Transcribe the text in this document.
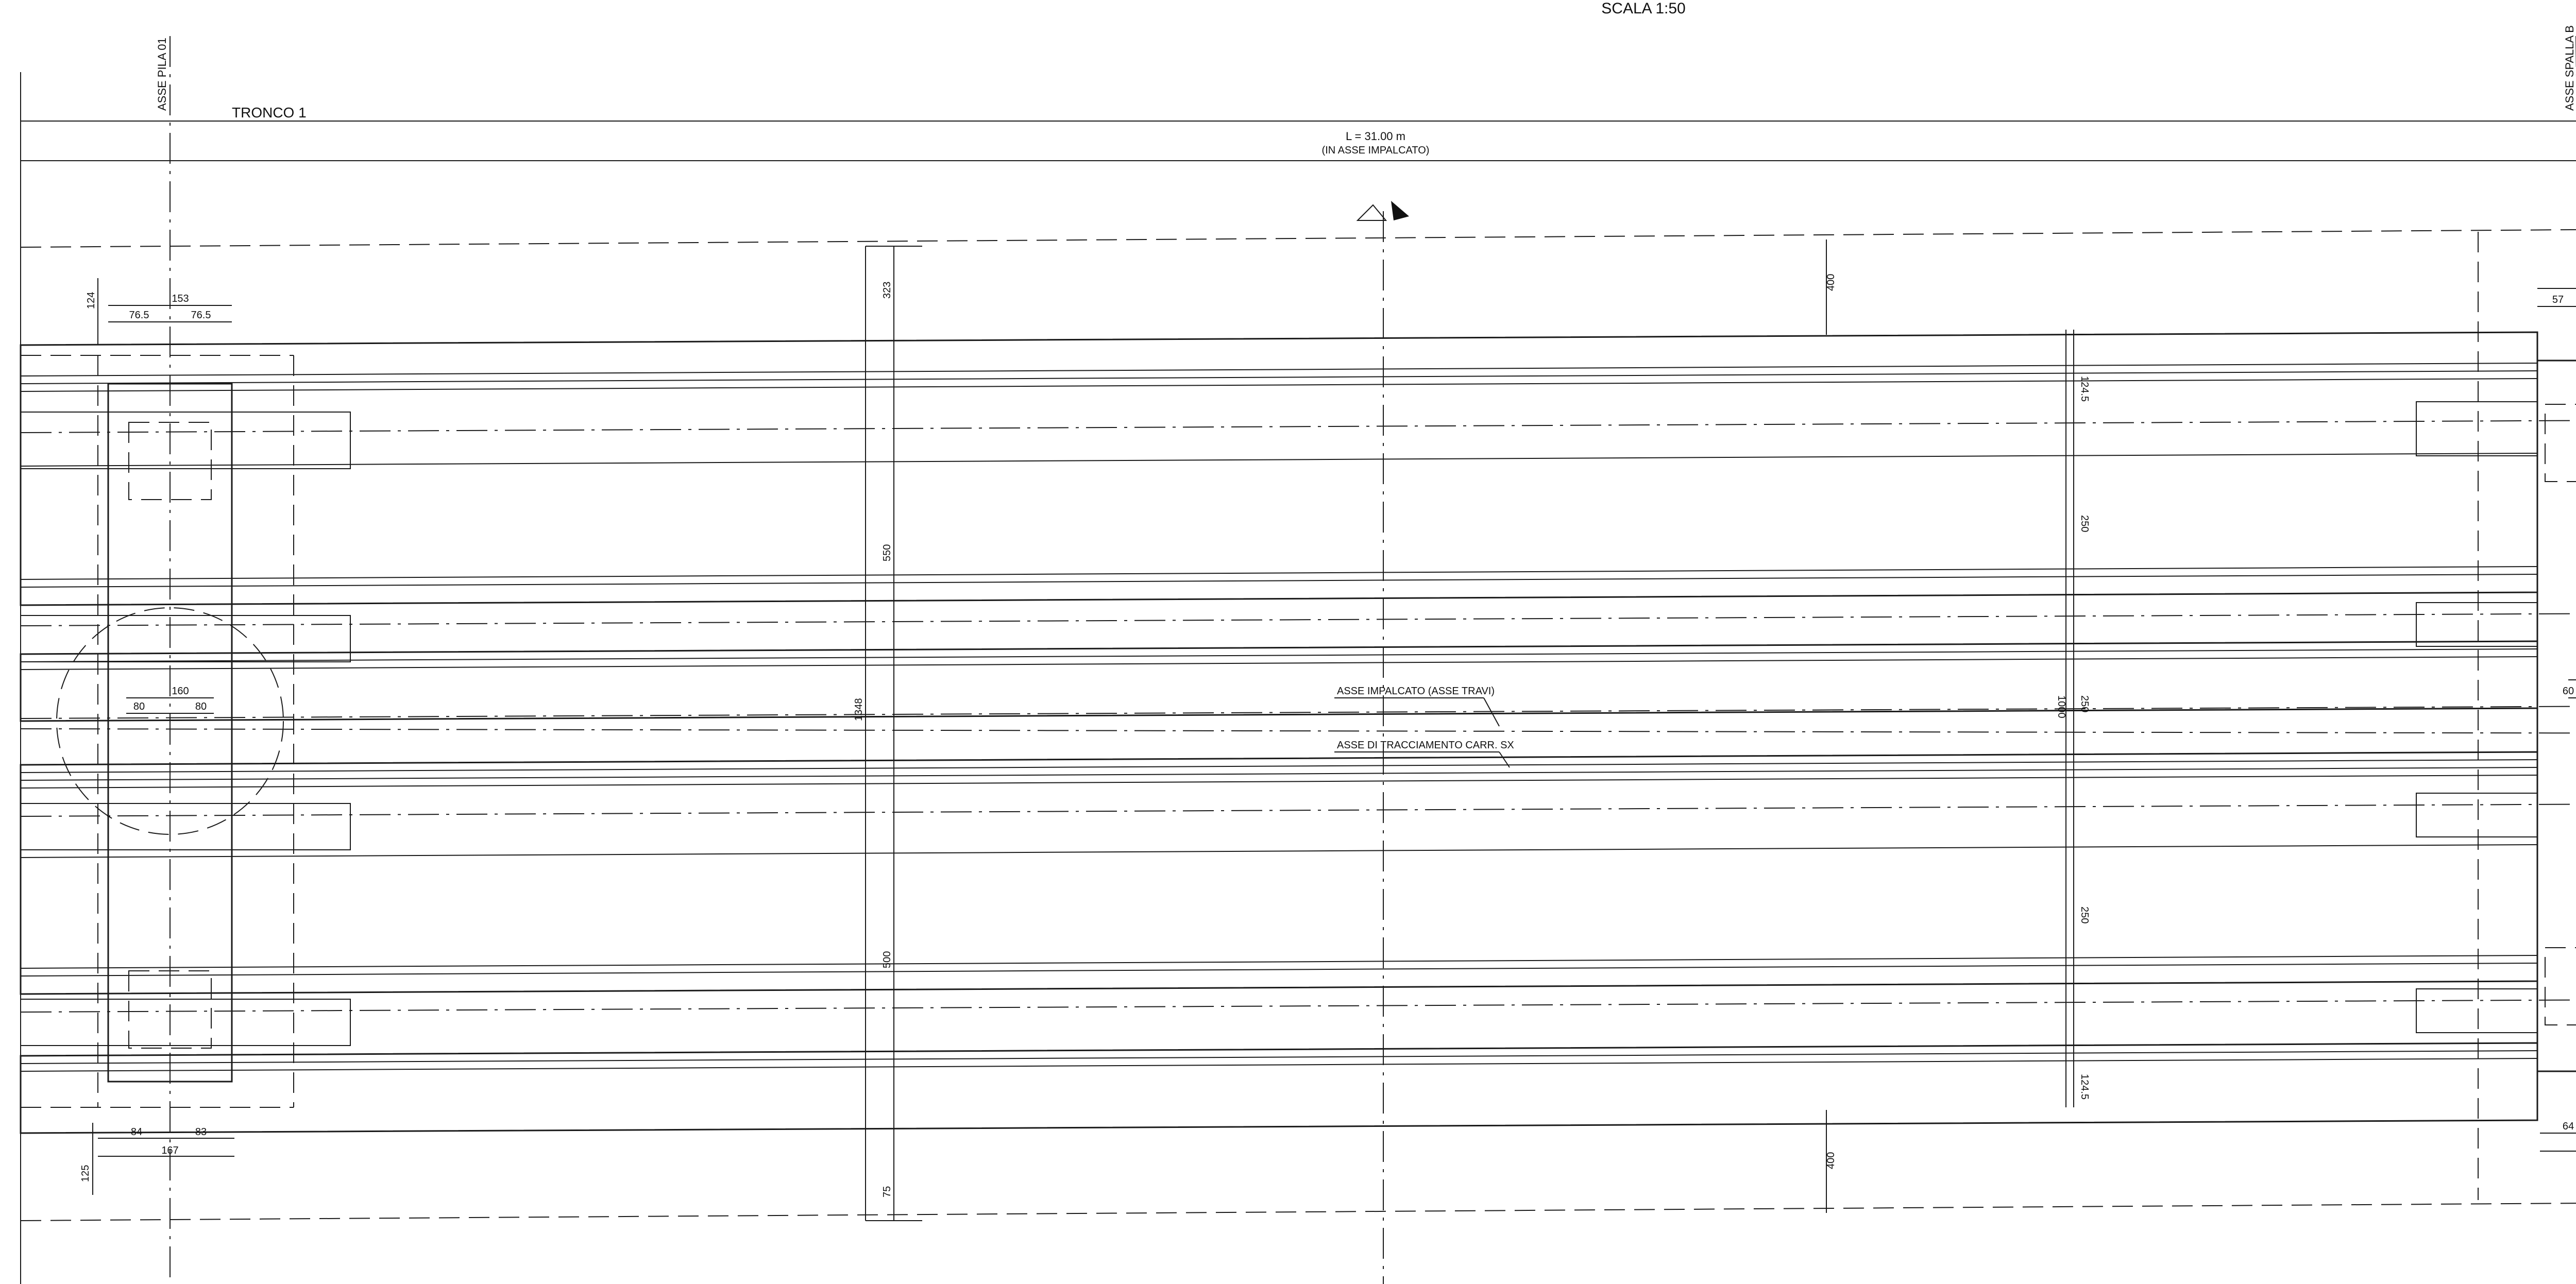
SCALA 1:50
ASSE PILA 01	ASSE SPALLA B
TRONCO 1
L = 31.00 m
(IN ASSE IMPALCATO)
ASSE IMPALCATO (ASSE TRAVI)
ASSE DI TRACCIAMENTO CARR. SX
153
76.5	76.5
124
160
80	80
84	83
167
125
323
550
1348
500
75
400
400
124.5
250
1000 250
250
124.5
57
60
64
